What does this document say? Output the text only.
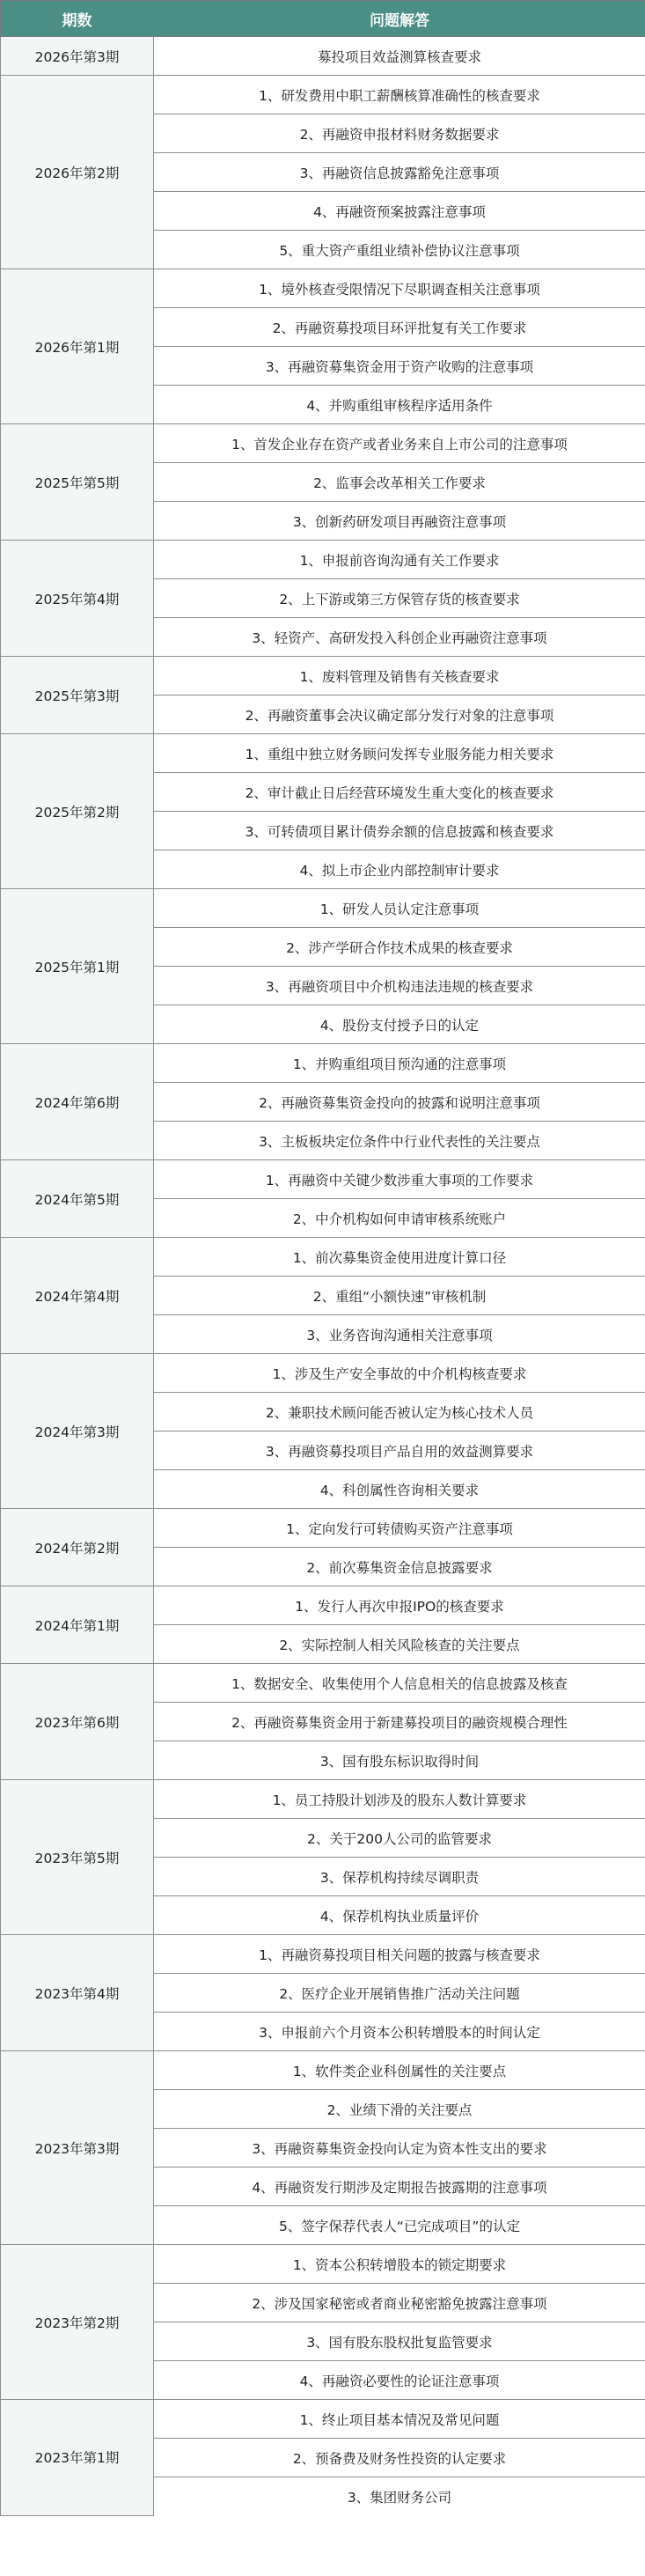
期数	问题解答
2026年第3期	募投项目效益测算核查要求
2026年第2期	1、研发费用中职工薪酬核算准确性的核查要求
	2、再融资申报材料财务数据要求
	3、再融资信息披露豁免注意事项
	4、再融资预案披露注意事项
	5、重大资产重组业绩补偿协议注意事项
2026年第1期	1、境外核查受限情况下尽职调查相关注意事项
	2、再融资募投项目环评批复有关工作要求
	3、再融资募集资金用于资产收购的注意事项
	4、并购重组审核程序适用条件
2025年第5期	1、首发企业存在资产或者业务来自上市公司的注意事项
	2、监事会改革相关工作要求
	3、创新药研发项目再融资注意事项
2025年第4期	1、申报前咨询沟通有关工作要求
	2、上下游或第三方保管存货的核查要求
	3、轻资产、高研发投入科创企业再融资注意事项
2025年第3期	1、废料管理及销售有关核查要求
	2、再融资董事会决议确定部分发行对象的注意事项
2025年第2期	1、重组中独立财务顾问发挥专业服务能力相关要求
	2、审计截止日后经营环境发生重大变化的核查要求
	3、可转债项目累计债券余额的信息披露和核查要求
	4、拟上市企业内部控制审计要求
2025年第1期	1、研发人员认定注意事项
	2、涉产学研合作技术成果的核查要求
	3、再融资项目中介机构违法违规的核查要求
	4、股份支付授予日的认定
2024年第6期	1、并购重组项目预沟通的注意事项
	2、再融资募集资金投向的披露和说明注意事项
	3、主板板块定位条件中行业代表性的关注要点
2024年第5期	1、再融资中关键少数涉重大事项的工作要求
	2、中介机构如何申请审核系统账户
2024年第4期	1、前次募集资金使用进度计算口径
	2、重组“小额快速”审核机制
	3、业务咨询沟通相关注意事项
2024年第3期	1、涉及生产安全事故的中介机构核查要求
	2、兼职技术顾问能否被认定为核心技术人员
	3、再融资募投项目产品自用的效益测算要求
	4、科创属性咨询相关要求
2024年第2期	1、定向发行可转债购买资产注意事项
	2、前次募集资金信息披露要求
2024年第1期	1、发行人再次申报IPO的核查要求
	2、实际控制人相关风险核查的关注要点
2023年第6期	1、数据安全、收集使用个人信息相关的信息披露及核查
	2、再融资募集资金用于新建募投项目的融资规模合理性
	3、国有股东标识取得时间
2023年第5期	1、员工持股计划涉及的股东人数计算要求
	2、关于200人公司的监管要求
	3、保荐机构持续尽调职责
	4、保荐机构执业质量评价
2023年第4期	1、再融资募投项目相关问题的披露与核查要求
	2、医疗企业开展销售推广活动关注问题
	3、申报前六个月资本公积转增股本的时间认定
2023年第3期	1、软件类企业科创属性的关注要点
	2、业绩下滑的关注要点
	3、再融资募集资金投向认定为资本性支出的要求
	4、再融资发行期涉及定期报告披露期的注意事项
	5、签字保荐代表人“已完成项目”的认定
2023年第2期	1、资本公积转增股本的锁定期要求
	2、涉及国家秘密或者商业秘密豁免披露注意事项
	3、国有股东股权批复监管要求
	4、再融资必要性的论证注意事项
2023年第1期	1、终止项目基本情况及常见问题
	2、预备费及财务性投资的认定要求
	3、集团财务公司
